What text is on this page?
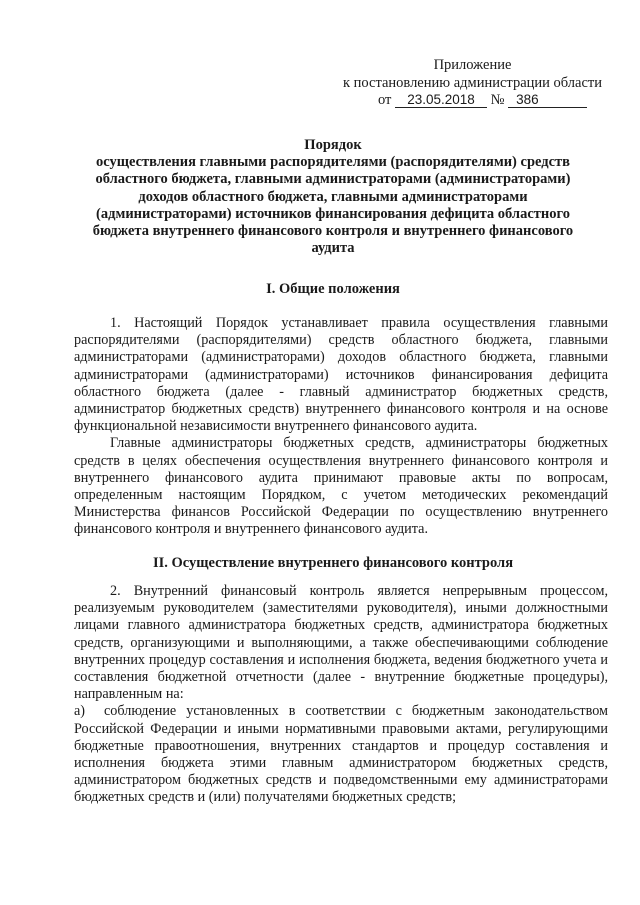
Приложение
к постановлению администрации области
от 23.05.2018 № 386
Порядок
осуществления главными распорядителями (распорядителями) средств областного бюджета, главными администраторами (администраторами) доходов областного бюджета, главными администраторами (администраторами) источников финансирования дефицита областного бюджета внутреннего финансового контроля и внутреннего финансового аудита
I. Общие положения

1. Настоящий Порядок устанавливает правила осуществления главными распорядителями (распорядителями) средств областного бюджета, главными администраторами (администраторами) доходов областного бюджета, главными администраторами (администраторами) источников финансирования дефицита областного бюджета (далее - главный администратор бюджетных средств, администратор бюджетных средств) внутреннего финансового контроля и на основе функциональной независимости внутреннего финансового аудита.

Главные администраторы бюджетных средств, администраторы бюджетных средств в целях обеспечения осуществления внутреннего финансового контроля и внутреннего финансового аудита принимают правовые акты по вопросам, определенным настоящим Порядком, с учетом методических рекомендаций Министерства финансов Российской Федерации по осуществлению внутреннего финансового контроля и внутреннего финансового аудита.

II. Осуществление внутреннего финансового контроля

2. Внутренний финансовый контроль является непрерывным процессом, реализуемым руководителем (заместителями руководителя), иными должностными лицами главного администратора бюджетных средств, администратора бюджетных средств, организующими и выполняющими, а также обеспечивающими соблюдение внутренних процедур составления и исполнения бюджета, ведения бюджетного учета и составления бюджетной отчетности (далее - внутренние бюджетные процедуры), направленным на:

а) соблюдение установленных в соответствии с бюджетным законодательством Российской Федерации и иными нормативными правовыми актами, регулирующими бюджетные правоотношения, внутренних стандартов и процедур составления и исполнения бюджета этими главным администратором бюджетных средств, администратором бюджетных средств и подведомственными ему администраторами бюджетных средств и (или) получателями бюджетных средств;
